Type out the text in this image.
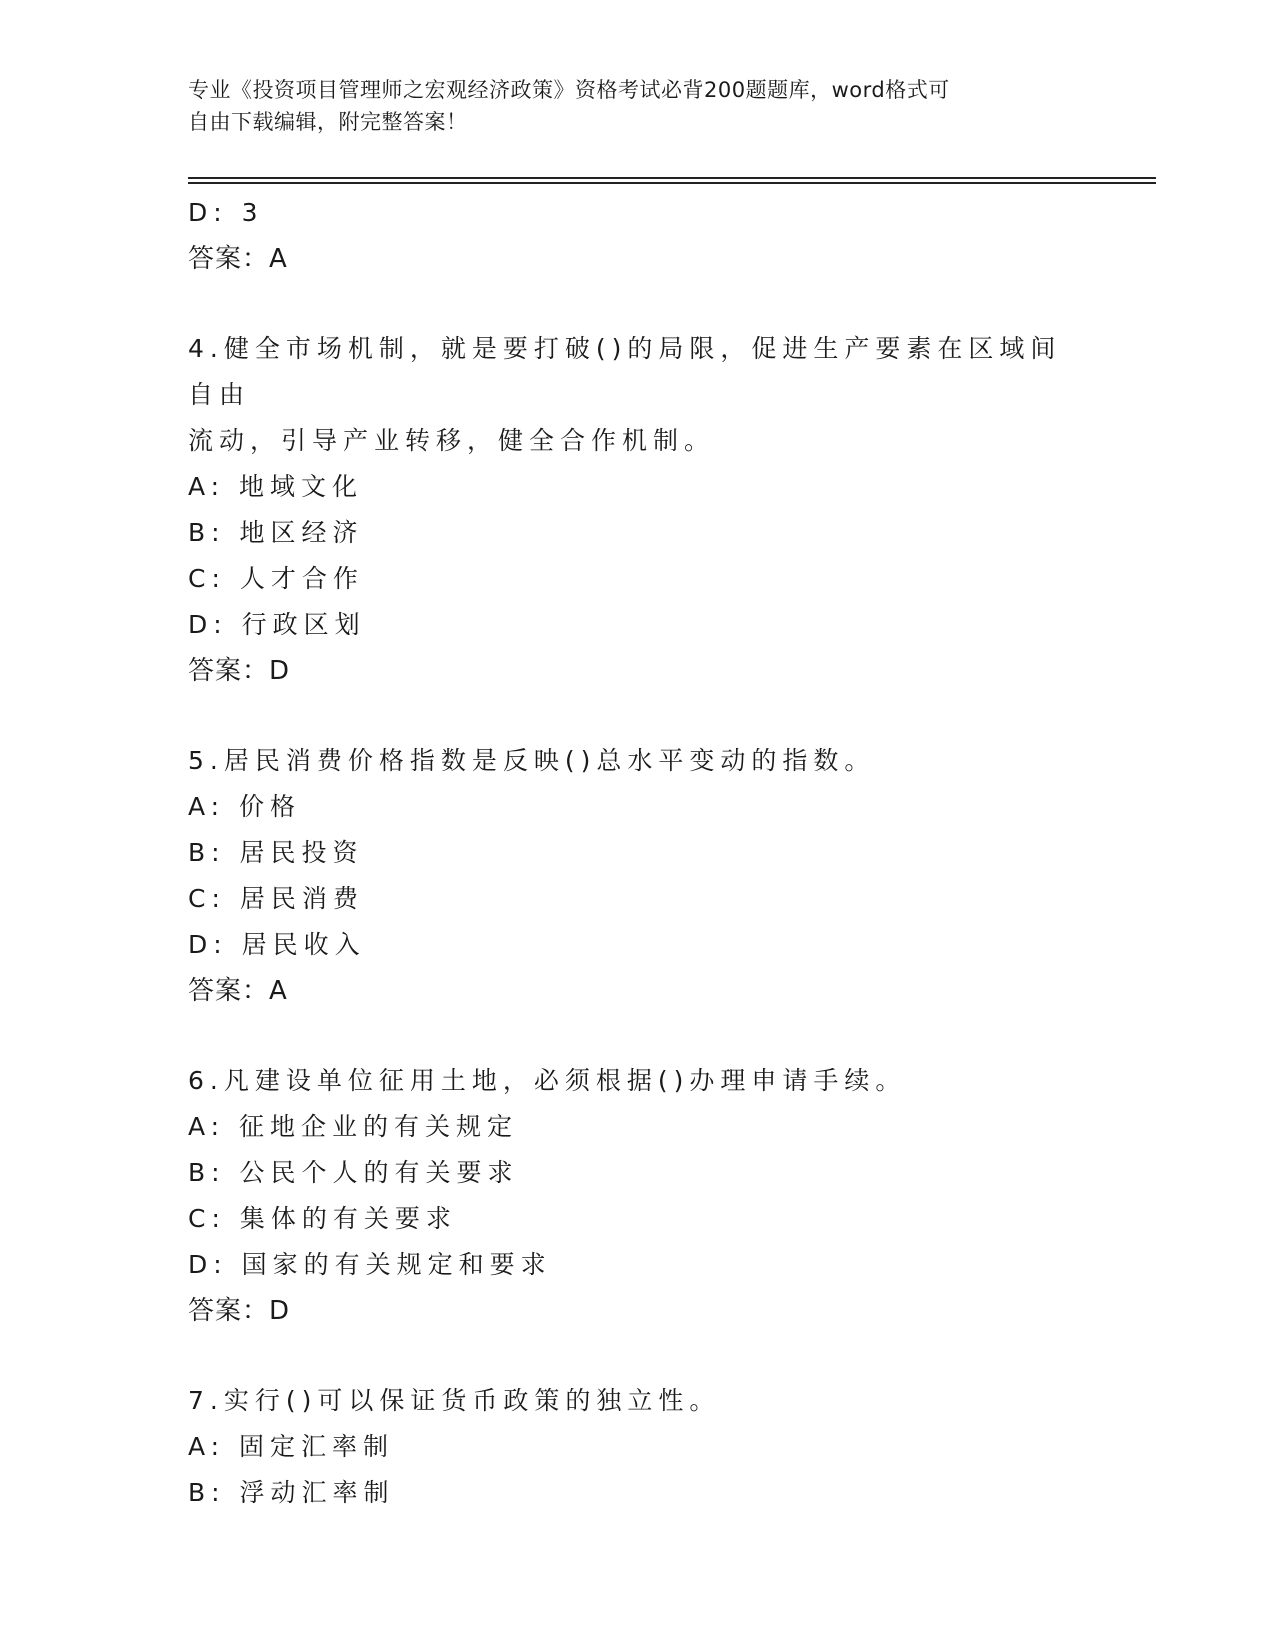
专业《投资项目管理师之宏观经济政策》资格考试必背200题题库，word格式可
自由下载编辑，附完整答案！
D: 3
答案：A
4.健全市场机制，就是要打破()的局限，促进生产要素在区域间自由
流动，引导产业转移，健全合作机制。
A: 地域文化
B: 地区经济
C: 人才合作
D: 行政区划
答案：D
5.居民消费价格指数是反映()总水平变动的指数。
A: 价格
B: 居民投资
C: 居民消费
D: 居民收入
答案：A
6.凡建设单位征用土地，必须根据()办理申请手续。
A: 征地企业的有关规定
B: 公民个人的有关要求
C: 集体的有关要求
D: 国家的有关规定和要求
答案：D
7.实行()可以保证货币政策的独立性。
A: 固定汇率制
B: 浮动汇率制
